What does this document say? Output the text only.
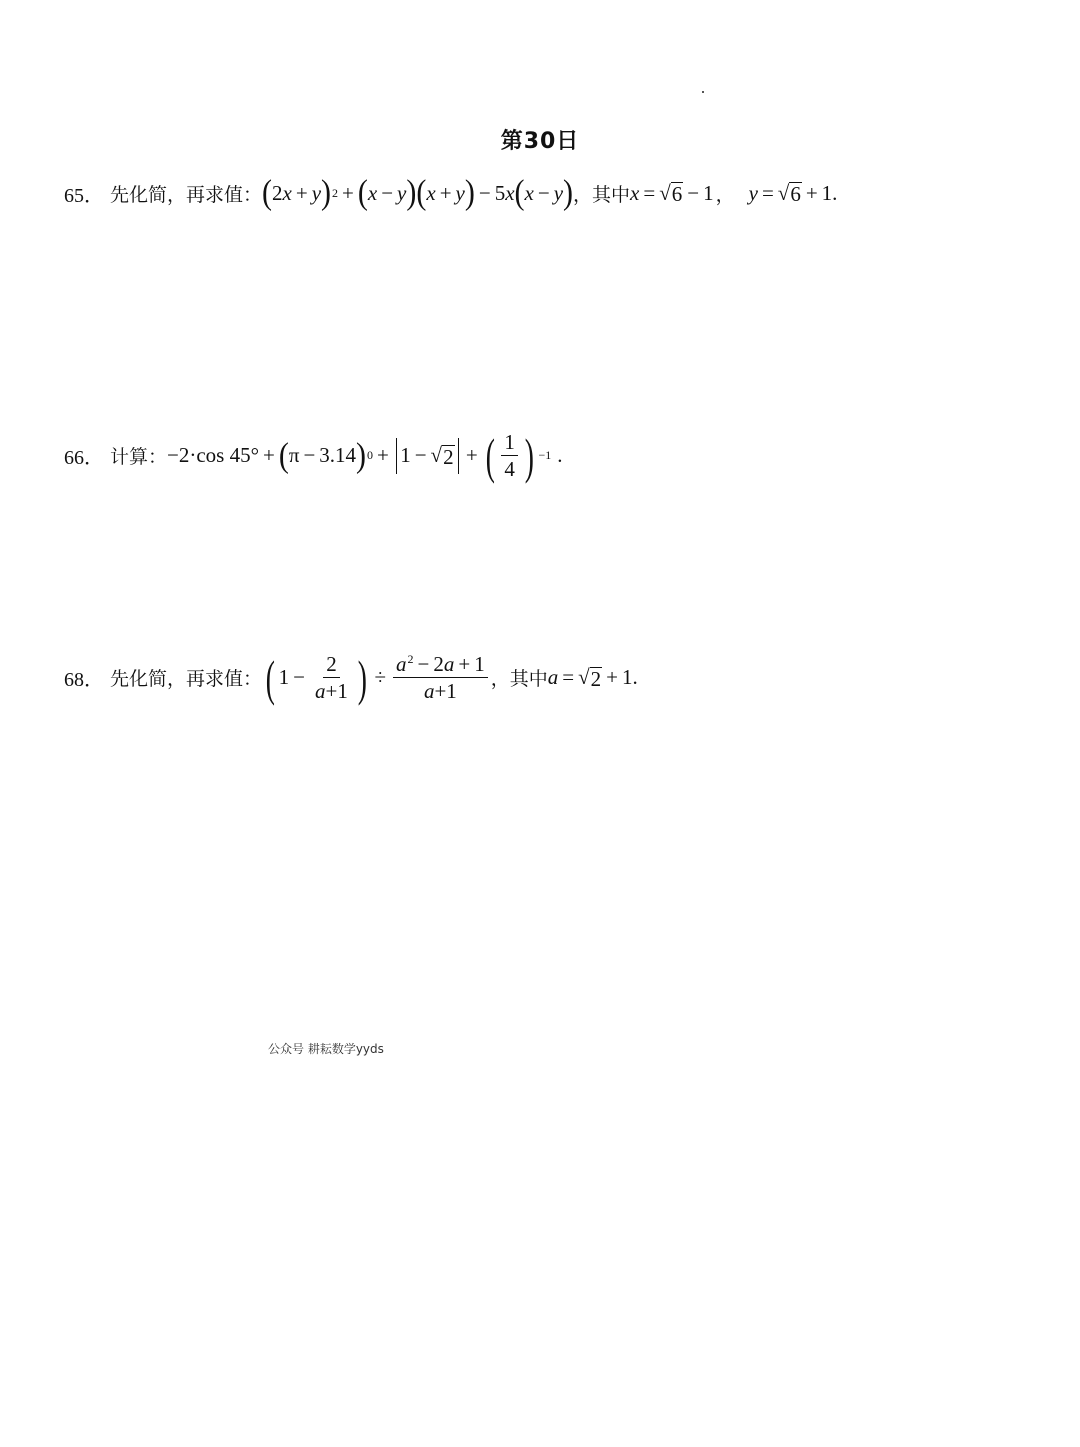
第30日
65． 先化简，再求值： ( 2 x + y ) 2 + ( x − y ) ( x + y ) − 5 x ( x − y ) ，其中 x = √ 6 − 1 ， y = √ 6 + 1 .
66． 计算： −2·cos 45° + ( π − 3.14 ) 0 + 1 − √ 2 + ( $\frac{1}{4}$ ) −1 .
68． 先化简，再求值： ( $1 - \frac{2}{a+1}$ ) ÷ $\frac{a^2 - 2a + 1}{a+1}$ ，其中 a = √ 2 + 1 .
公众号 耕耘数学yyds
